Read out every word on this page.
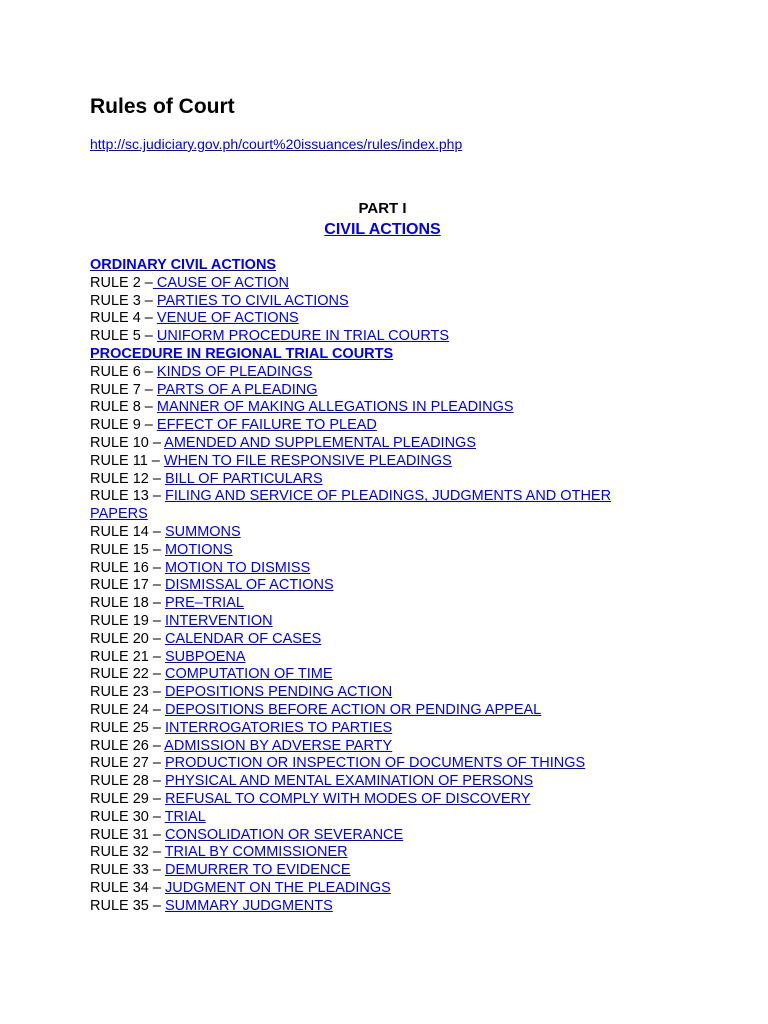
Rules of Court
http://sc.judiciary.gov.ph/court%20issuances/rules/index.php
PART I
CIVIL ACTIONS
ORDINARY CIVIL ACTIONS
RULE 2 – CAUSE OF ACTION
RULE 3 – PARTIES TO CIVIL ACTIONS
RULE 4 – VENUE OF ACTIONS
RULE 5 – UNIFORM PROCEDURE IN TRIAL COURTS
PROCEDURE IN REGIONAL TRIAL COURTS
RULE 6 – KINDS OF PLEADINGS
RULE 7 – PARTS OF A PLEADING
RULE 8 – MANNER OF MAKING ALLEGATIONS IN PLEADINGS
RULE 9 – EFFECT OF FAILURE TO PLEAD
RULE 10 – AMENDED AND SUPPLEMENTAL PLEADINGS
RULE 11 – WHEN TO FILE RESPONSIVE PLEADINGS
RULE 12 – BILL OF PARTICULARS
RULE 13 – FILING AND SERVICE OF PLEADINGS, JUDGMENTS AND OTHER PAPERS
RULE 14 – SUMMONS
RULE 15 – MOTIONS
RULE 16 – MOTION TO DISMISS
RULE 17 – DISMISSAL OF ACTIONS
RULE 18 – PRE–TRIAL
RULE 19 – INTERVENTION
RULE 20 – CALENDAR OF CASES
RULE 21 – SUBPOENA
RULE 22 – COMPUTATION OF TIME
RULE 23 – DEPOSITIONS PENDING ACTION
RULE 24 – DEPOSITIONS BEFORE ACTION OR PENDING APPEAL
RULE 25 – INTERROGATORIES TO PARTIES
RULE 26 – ADMISSION BY ADVERSE PARTY
RULE 27 – PRODUCTION OR INSPECTION OF DOCUMENTS OF THINGS
RULE 28 – PHYSICAL AND MENTAL EXAMINATION OF PERSONS
RULE 29 – REFUSAL TO COMPLY WITH MODES OF DISCOVERY
RULE 30 – TRIAL
RULE 31 – CONSOLIDATION OR SEVERANCE
RULE 32 – TRIAL BY COMMISSIONER
RULE 33 – DEMURRER TO EVIDENCE
RULE 34 – JUDGMENT ON THE PLEADINGS
RULE 35 – SUMMARY JUDGMENTS
